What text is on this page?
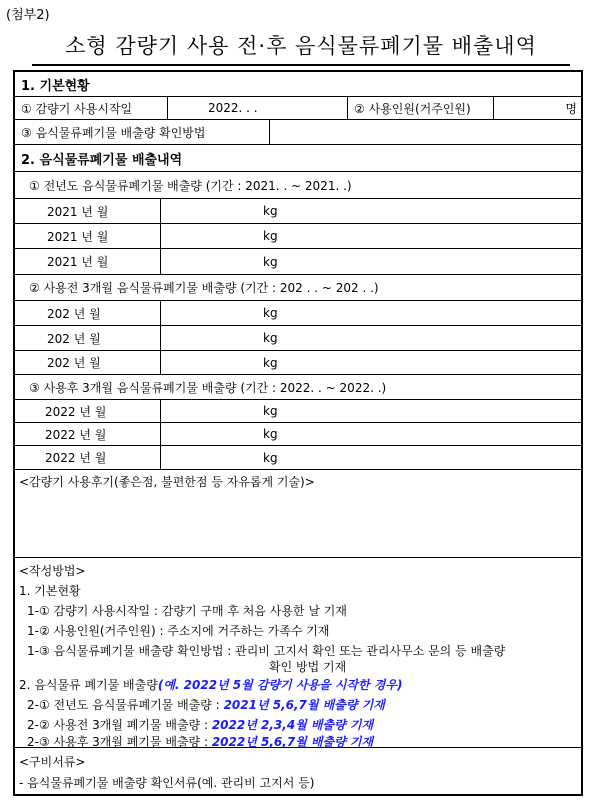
(첨부2)
소형 감량기 사용 전·후 음식물류폐기물 배출내역
1. 기본현황
① 감량기 사용시작일	2022. . .	② 사용인원(거주인원)	명
③ 음식물류폐기물 배출량 확인방법
2. 음식물류폐기물 배출내역
① 전년도 음식물류폐기물 배출량 (기간 : 2021. . ~ 2021. .)
2021 년 월	kg
2021 년 월	kg
2021 년 월	kg
② 사용전 3개월 음식물류폐기물 배출량 (기간 : 202 . . ~ 202 . .)
202 년 월	kg
202 년 월	kg
202 년 월	kg
③ 사용후 3개월 음식물류폐기물 배출량 (기간 : 2022. . ~ 2022. .)
2022 년 월	kg
2022 년 월	kg
2022 년 월	kg
<감량기 사용후기(좋은점, 불편한점 등 자유롭게 기술)>
<작성방법>
1. 기본현황
1-① 감량기 사용시작일 : 감량기 구매 후 처음 사용한 날 기재
1-② 사용인원(거주인원) : 주소지에 거주하는 가족수 기재
1-③ 음식물류폐기물 배출량 확인방법 : 관리비 고지서 확인 또는 관리사무소 문의 등 배출량
확인 방법 기재
2. 음식물류 폐기물 배출량(예. 2022년 5월 감량기 사용을 시작한 경우)
2-① 전년도 음식물류폐기물 배출량 : 2021년 5,6,7월 배출량 기재
2-② 사용전 3개월 폐기물 배출량 : 2022년 2,3,4월 배출량 기재
2-③ 사용후 3개월 폐기물 배출량 : 2022년 5,6,7월 배출량 기재
<구비서류>
- 음식물류폐기물 배출량 확인서류(예. 관리비 고지서 등)
